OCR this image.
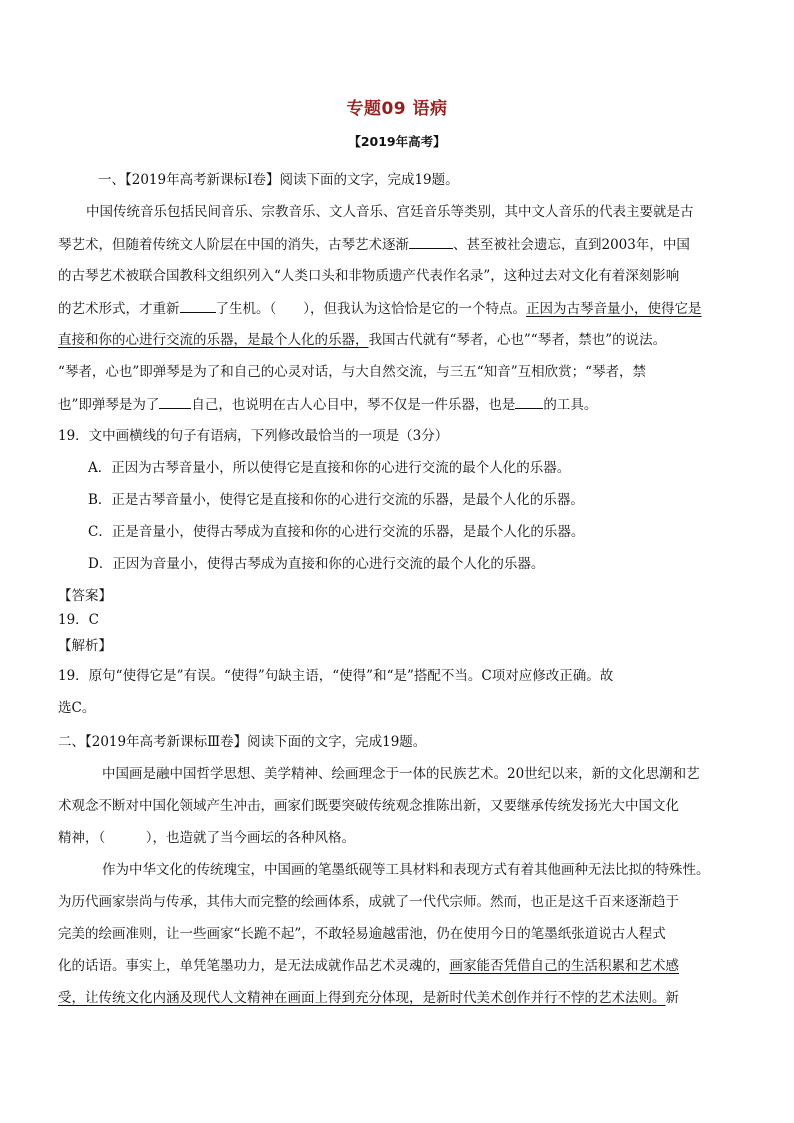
专题09 语病
【2019年高考】
一、【2019年高考新课标Ⅰ卷】阅读下面的文字，完成19题。
中国传统音乐包括民间音乐、宗教音乐、文人音乐、宫廷音乐等类别，其中文人音乐的代表主要就是古
琴艺术，但随着传统文人阶层在中国的消失，古琴艺术逐渐	、甚至被社会遗忘，直到2003年，中国
的古琴艺术被联合国教科文组织列入“人类口头和非物质遗产代表作名录”，这种过去对文化有着深刻影响
的艺术形式，才重新	了生机。（　　），但我认为这恰恰是它的一个特点。正因为古琴音量小，使得它是
直接和你的心进行交流的乐器，是最个人化的乐器，我国古代就有“琴者，心也”“琴者，禁也”的说法。
“琴者，心也”即弹琴是为了和自己的心灵对话，与大自然交流，与三五“知音”互相欣赏；“琴者，禁
也”即弹琴是为了 自己，也说明在古人心目中，琴不仅是一件乐器，也是 的工具。
19．文中画横线的句子有语病，下列修改最恰当的一项是（3分）
A．正因为古琴音量小，所以使得它是直接和你的心进行交流的最个人化的乐器。
B．正是古琴音量小，使得它是直接和你的心进行交流的乐器，是最个人化的乐器。
C．正是音量小，使得古琴成为直接和你的心进行交流的乐器，是最个人化的乐器。
D．正因为音量小，使得古琴成为直接和你的心进行交流的最个人化的乐器。
【答案】
19．C
【解析】
19．原句“使得它是”有误。“使得”句缺主语，“使得”和“是”搭配不当。C项对应修改正确。故
选C。
二、【2019年高考新课标Ⅲ卷】阅读下面的文字，完成19题。
中国画是融中国哲学思想、美学精神、绘画理念于一体的民族艺术。20世纪以来，新的文化思潮和艺
术观念不断对中国化领域产生冲击，画家们既要突破传统观念推陈出新，又要继承传统发扬光大中国文化
精神，（　　　），也造就了当今画坛的各种风格。
作为中华文化的传统瑰宝，中国画的笔墨纸砚等工具材料和表现方式有着其他画种无法比拟的特殊性。
为历代画家崇尚与传承，其伟大而完整的绘画体系，成就了一代代宗师。然而，也正是这千百来逐渐趋于
完美的绘画准则，让一些画家“长跪不起”，不敢轻易逾越雷池，仍在使用今日的笔墨纸张道说古人程式
化的话语。事实上，单凭笔墨功力，是无法成就作品艺术灵魂的，画家能否凭借自己的生活积累和艺术感
受，让传统文化内涵及现代人文精神在画面上得到充分体现，是新时代美术创作并行不悖的艺术法则。新
